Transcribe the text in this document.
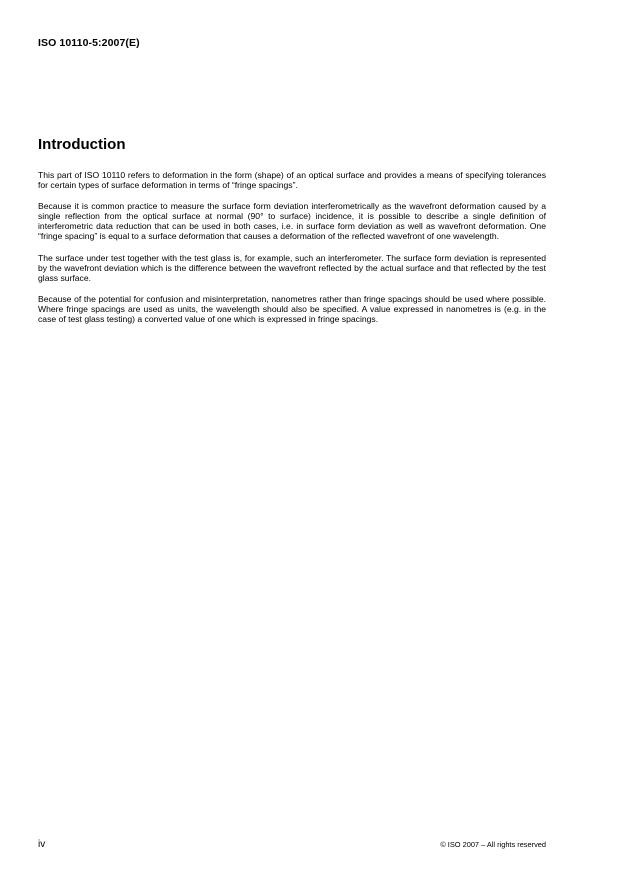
ISO 10110-5:2007(E)
Introduction

This part of ISO 10110 refers to deformation in the form (shape) of an optical surface and provides a means of specifying tolerances for certain types of surface deformation in terms of “fringe spacings”.

Because it is common practice to measure the surface form deviation interferometrically as the wavefront deformation caused by a single reflection from the optical surface at normal (90° to surface) incidence, it is possible to describe a single definition of interferometric data reduction that can be used in both cases, i.e. in surface form deviation as well as wavefront deformation. One “fringe spacing” is equal to a surface deformation that causes a deformation of the reflected wavefront of one wavelength.

The surface under test together with the test glass is, for example, such an interferometer. The surface form deviation is represented by the wavefront deviation which is the difference between the wavefront reflected by the actual surface and that reflected by the test glass surface.

Because of the potential for confusion and misinterpretation, nanometres rather than fringe spacings should be used where possible. Where fringe spacings are used as units, the wavelength should also be specified. A value expressed in nanometres is (e.g. in the case of test glass testing) a converted value of one which is expressed in fringe spacings.

iv	© ISO 2007 – All rights reserved
